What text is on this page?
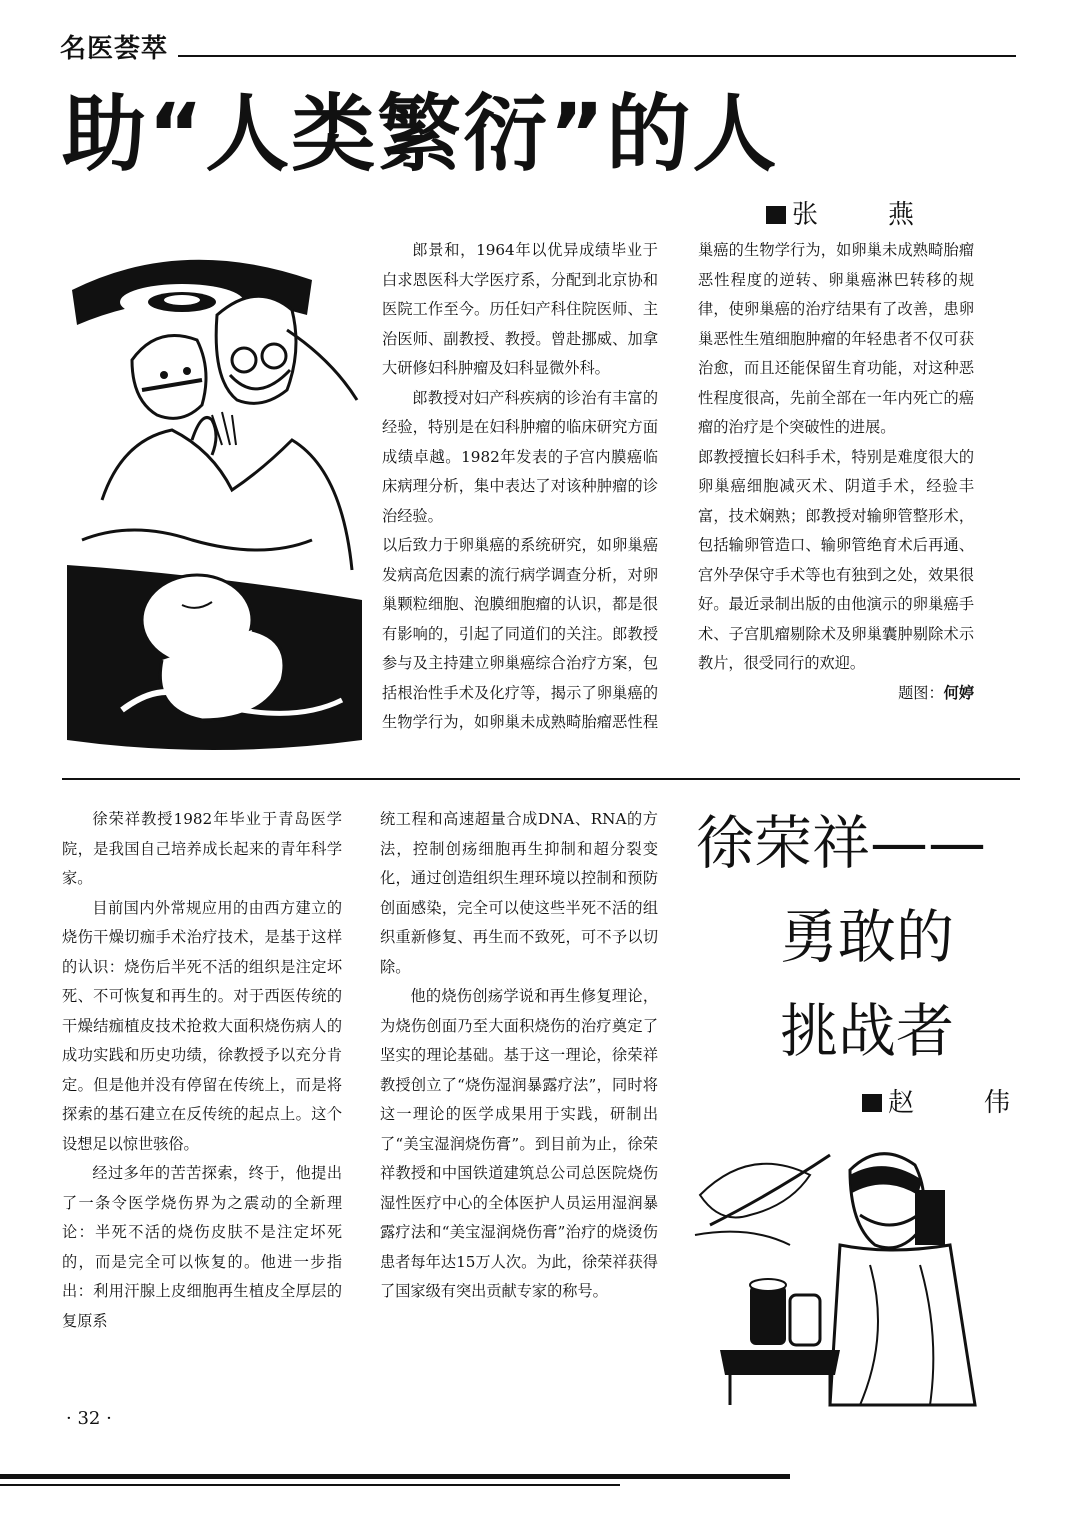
名医荟萃
助“人类繁衍”的人
张　燕

郎景和，1964年以优异成绩毕业于白求恩医科大学医疗系，分配到北京协和医院工作至今。历任妇产科住院医师、主治医师、副教授、教授。曾赴挪威、加拿大研修妇科肿瘤及妇科显微外科。

郎教授对妇产科疾病的诊治有丰富的经验，特别是在妇科肿瘤的临床研究方面成绩卓越。1982年发表的子宫内膜癌临床病理分析，集中表达了对该种肿瘤的诊治经验。

以后致力于卵巢癌的系统研究，如卵巢癌发病高危因素的流行病学调查分析，对卵巢颗粒细胞、泡膜细胞瘤的认识，都是很有影响的，引起了同道们的关注。郎教授参与及主持建立卵巢癌综合治疗方案，包括根治性手术及化疗等，揭示了卵巢癌的生物学行为，如卵巢未成熟畸胎瘤恶性程

巢癌的生物学行为，如卵巢未成熟畸胎瘤恶性程度的逆转、卵巢癌淋巴转移的规律，使卵巢癌的治疗结果有了改善，患卵巢恶性生殖细胞肿瘤的年轻患者不仅可获治愈，而且还能保留生育功能，对这种恶性程度很高，先前全部在一年内死亡的癌瘤的治疗是个突破性的进展。

郎教授擅长妇科手术，特别是难度很大的卵巢癌细胞减灭术、阴道手术，经验丰富，技术娴熟；郎教授对输卵管整形术，包括输卵管造口、输卵管绝育术后再通、宫外孕保守手术等也有独到之处，效果很好。最近录制出版的由他演示的卵巢癌手术、子宫肌瘤剔除术及卵巢囊肿剔除术示教片，很受同行的欢迎。

题图：何婷

徐荣祥教授1982年毕业于青岛医学院，是我国自己培养成长起来的青年科学家。

目前国内外常规应用的由西方建立的烧伤干燥切痂手术治疗技术，是基于这样的认识：烧伤后半死不活的组织是注定坏死、不可恢复和再生的。对于西医传统的干燥结痂植皮技术抢救大面积烧伤病人的成功实践和历史功绩，徐教授予以充分肯定。但是他并没有停留在传统上，而是将探索的基石建立在反传统的起点上。这个设想足以惊世骇俗。

经过多年的苦苦探索，终于，他提出了一条令医学烧伤界为之震动的全新理论：半死不活的烧伤皮肤不是注定坏死的，而是完全可以恢复的。他进一步指出：利用汗腺上皮细胞再生植皮全厚层的复原系

统工程和高速超量合成DNA、RNA的方法，控制创疡细胞再生抑制和超分裂变化，通过创造组织生理环境以控制和预防创面感染，完全可以使这些半死不活的组织重新修复、再生而不致死，可不予以切除。

他的烧伤创疡学说和再生修复理论，为烧伤创面乃至大面积烧伤的治疗奠定了坚实的理论基础。基于这一理论，徐荣祥教授创立了“烧伤湿润暴露疗法”，同时将这一理论的医学成果用于实践，研制出了“美宝湿润烧伤膏”。到目前为止，徐荣祥教授和中国铁道建筑总公司总医院烧伤湿性医疗中心的全体医护人员运用湿润暴露疗法和“美宝湿润烧伤膏”治疗的烧烫伤患者每年达15万人次。为此，徐荣祥获得了国家级有突出贡献专家的称号。

徐荣祥——
勇敢的
挑战者
赵　伟
· 32 ·
